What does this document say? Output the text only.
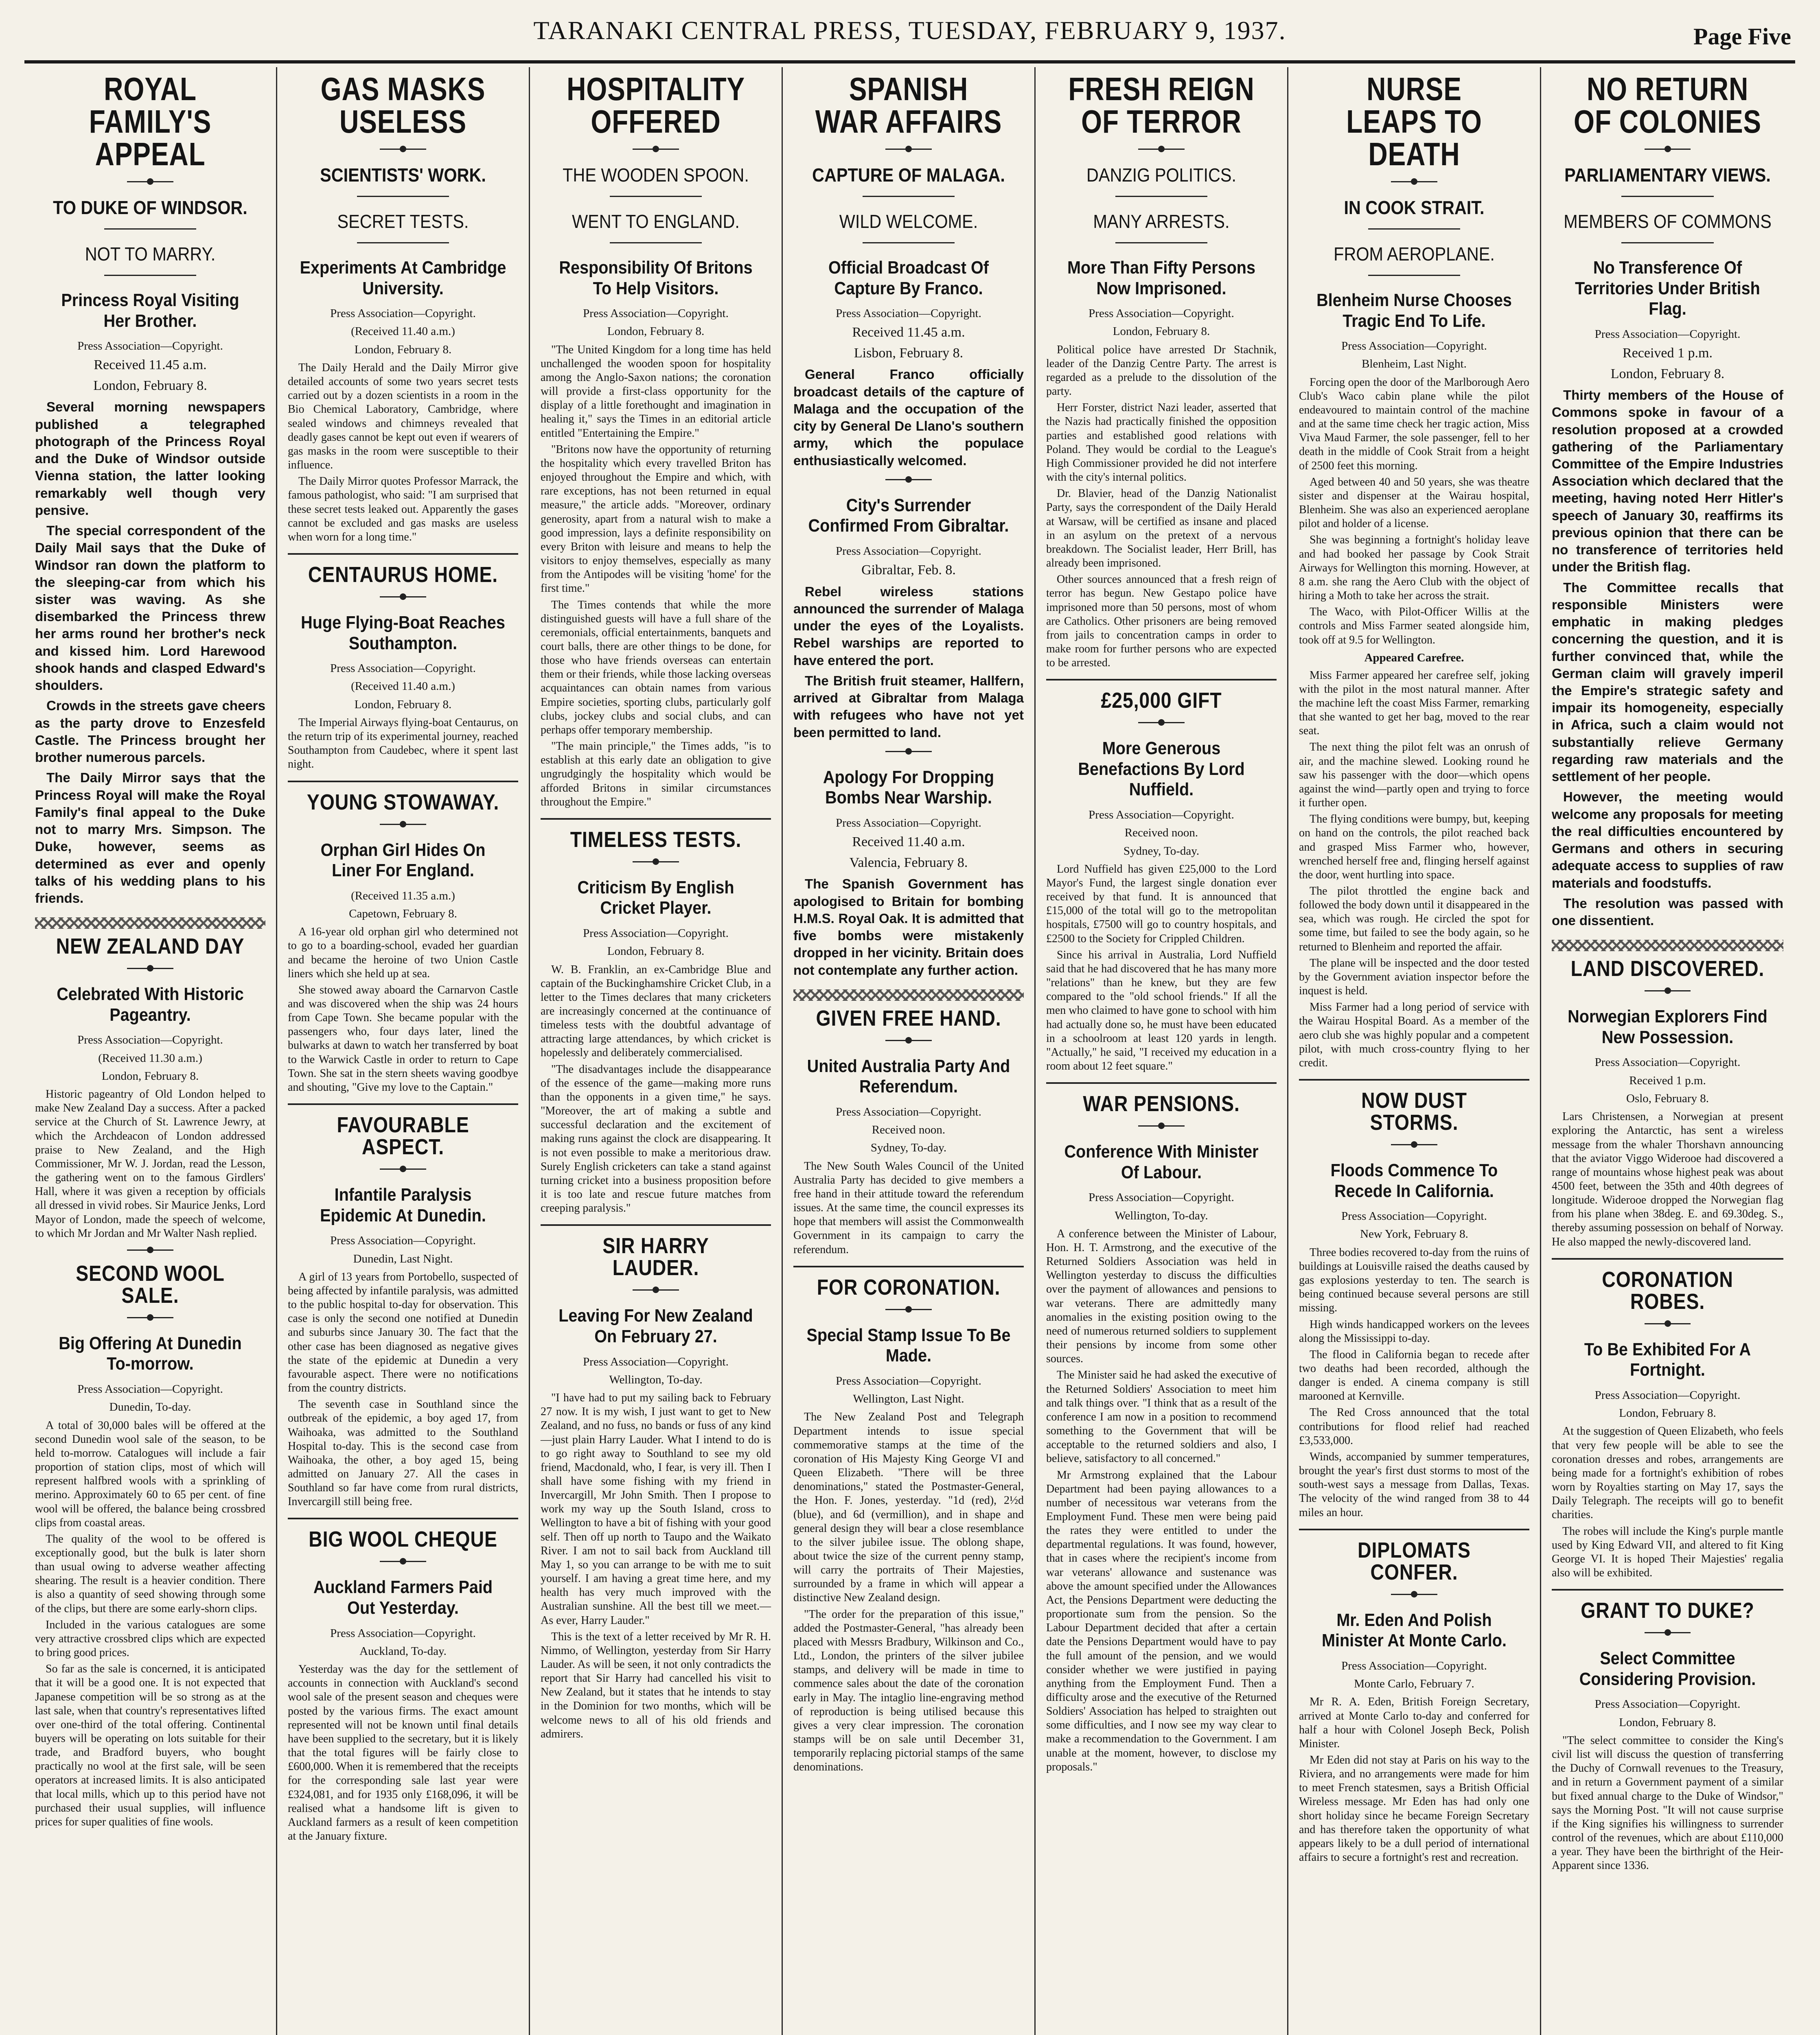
TARANAKI CENTRAL PRESS, TUESDAY, FEBRUARY 9, 1937.	Page Five
ROYAL FAMILY'S APPEAL
TO DUKE OF WINDSOR.
NOT TO MARRY.
Princess Royal Visiting Her Brother.
Press Association—Copyright.
Received 11.45 a.m.
London, February 8.
Several morning newspapers published a telegraphed photograph of the Princess Royal and the Duke of Windsor outside Vienna station, the latter looking remarkably well though very pensive.
The special correspondent of the Daily Mail says that the Duke of Windsor ran down the platform to the sleeping-car from which his sister was waving. As she disembarked the Princess threw her arms round her brother's neck and kissed him. Lord Harewood shook hands and clasped Edward's shoulders.
Crowds in the streets gave cheers as the party drove to Enzesfeld Castle. The Princess brought her brother numerous parcels.
The Daily Mirror says that the Princess Royal will make the Royal Family's final appeal to the Duke not to marry Mrs. Simpson. The Duke, however, seems as determined as ever and openly talks of his wedding plans to his friends.
NEW ZEALAND DAY
Celebrated With Historic Pageantry.
Press Association—Copyright.
(Received 11.30 a.m.)
London, February 8.
Historic pageantry of Old London helped to make New Zealand Day a success. After a packed service at the Church of St. Lawrence Jewry, at which the Archdeacon of London addressed praise to New Zealand, and the High Commissioner, Mr W. J. Jordan, read the Lesson, the gathering went on to the famous Girdlers' Hall, where it was given a reception by officials all dressed in vivid robes. Sir Maurice Jenks, Lord Mayor of London, made the speech of welcome, to which Mr Jordan and Mr Walter Nash replied.
SECOND WOOL SALE.
Big Offering At Dunedin To-morrow.
Press Association—Copyright.
Dunedin, To-day.
A total of 30,000 bales will be offered at the second Dunedin wool sale of the season, to be held to-morrow. Catalogues will include a fair proportion of station clips, most of which will represent halfbred wools with a sprinkling of merino. Approximately 60 to 65 per cent. of fine wool will be offered, the balance being crossbred clips from coastal areas.
The quality of the wool to be offered is exceptionally good, but the bulk is later shorn than usual owing to adverse weather affecting shearing. The result is a heavier condition. There is also a quantity of seed showing through some of the clips, but there are some early-shorn clips.
Included in the various catalogues are some very attractive crossbred clips which are expected to bring good prices.
So far as the sale is concerned, it is anticipated that it will be a good one. It is not expected that Japanese competition will be so strong as at the last sale, when that country's representatives lifted over one-third of the total offering. Continental buyers will be operating on lots suitable for their trade, and Bradford buyers, who bought practically no wool at the first sale, will be seen operators at increased limits. It is also anticipated that local mills, which up to this period have not purchased their usual supplies, will influence prices for super qualities of fine wools.
GAS MASKS USELESS
SCIENTISTS' WORK.
SECRET TESTS.
Experiments At Cambridge University.
Press Association—Copyright.
(Received 11.40 a.m.)
London, February 8.
The Daily Herald and the Daily Mirror give detailed accounts of some two years secret tests carried out by a dozen scientists in a room in the Bio Chemical Laboratory, Cambridge, where sealed windows and chimneys revealed that deadly gases cannot be kept out even if wearers of gas masks in the room were susceptible to their influence.
The Daily Mirror quotes Professor Marrack, the famous pathologist, who said: "I am surprised that these secret tests leaked out. Apparently the gases cannot be excluded and gas masks are useless when worn for a long time."
CENTAURUS HOME.
Huge Flying-Boat Reaches Southampton.
Press Association—Copyright.
(Received 11.40 a.m.)
London, February 8.
The Imperial Airways flying-boat Centaurus, on the return trip of its experimental journey, reached Southampton from Caudebec, where it spent last night.
YOUNG STOWAWAY.
Orphan Girl Hides On Liner For England.
(Received 11.35 a.m.)
Capetown, February 8.
A 16-year old orphan girl who determined not to go to a boarding-school, evaded her guardian and became the heroine of two Union Castle liners which she held up at sea.
She stowed away aboard the Carnarvon Castle and was discovered when the ship was 24 hours from Cape Town. She became popular with the passengers who, four days later, lined the bulwarks at dawn to watch her transferred by boat to the Warwick Castle in order to return to Cape Town. She sat in the stern sheets waving goodbye and shouting, "Give my love to the Captain."
FAVOURABLE ASPECT.
Infantile Paralysis Epidemic At Dunedin.
Press Association—Copyright.
Dunedin, Last Night.
A girl of 13 years from Portobello, suspected of being affected by infantile paralysis, was admitted to the public hospital to-day for observation. This case is only the second one notified at Dunedin and suburbs since January 30. The fact that the other case has been diagnosed as negative gives the state of the epidemic at Dunedin a very favourable aspect. There were no notifications from the country districts.
The seventh case in Southland since the outbreak of the epidemic, a boy aged 17, from Waihoaka, was admitted to the Southland Hospital to-day. This is the second case from Waihoaka, the other, a boy aged 15, being admitted on January 27. All the cases in Southland so far have come from rural districts, Invercargill still being free.
BIG WOOL CHEQUE
Auckland Farmers Paid Out Yesterday.
Press Association—Copyright.
Auckland, To-day.
Yesterday was the day for the settlement of accounts in connection with Auckland's second wool sale of the present season and cheques were posted by the various firms. The exact amount represented will not be known until final details have been supplied to the secretary, but it is likely that the total figures will be fairly close to £600,000. When it is remembered that the receipts for the corresponding sale last year were £324,081, and for 1935 only £168,096, it will be realised what a handsome lift is given to Auckland farmers as a result of keen competition at the January fixture.
HOSPITALITY OFFERED
THE WOODEN SPOON.
WENT TO ENGLAND.
Responsibility Of Britons To Help Visitors.
Press Association—Copyright.
London, February 8.
"The United Kingdom for a long time has held unchallenged the wooden spoon for hospitality among the Anglo-Saxon nations; the coronation will provide a first-class opportunity for the display of a little forethought and imagination in healing it," says the Times in an editorial article entitled "Entertaining the Empire."
"Britons now have the opportunity of returning the hospitality which every travelled Briton has enjoyed throughout the Empire and which, with rare exceptions, has not been returned in equal measure," the article adds. "Moreover, ordinary generosity, apart from a natural wish to make a good impression, lays a definite responsibility on every Briton with leisure and means to help the visitors to enjoy themselves, especially as many from the Antipodes will be visiting 'home' for the first time."
The Times contends that while the more distinguished guests will have a full share of the ceremonials, official entertainments, banquets and court balls, there are other things to be done, for those who have friends overseas can entertain them or their friends, while those lacking overseas acquaintances can obtain names from various Empire societies, sporting clubs, particularly golf clubs, jockey clubs and social clubs, and can perhaps offer temporary membership.
"The main principle," the Times adds, "is to establish at this early date an obligation to give ungrudgingly the hospitality which would be afforded Britons in similar circumstances throughout the Empire."
TIMELESS TESTS.
Criticism By English Cricket Player.
Press Association—Copyright.
London, February 8.
W. B. Franklin, an ex-Cambridge Blue and captain of the Buckinghamshire Cricket Club, in a letter to the Times declares that many cricketers are increasingly concerned at the continuance of timeless tests with the doubtful advantage of attracting large attendances, by which cricket is hopelessly and deliberately commercialised.
"The disadvantages include the disappearance of the essence of the game—making more runs than the opponents in a given time," he says. "Moreover, the art of making a subtle and successful declaration and the excitement of making runs against the clock are disappearing. It is not even possible to make a meritorious draw. Surely English cricketers can take a stand against turning cricket into a business proposition before it is too late and rescue future matches from creeping paralysis."
SIR HARRY LAUDER.
Leaving For New Zealand On February 27.
Press Association—Copyright.
Wellington, To-day.
"I have had to put my sailing back to February 27 now. It is my wish, I just want to get to New Zealand, and no fuss, no bands or fuss of any kind—just plain Harry Lauder. What I intend to do is to go right away to Southland to see my old friend, Macdonald, who, I fear, is very ill. Then I shall have some fishing with my friend in Invercargill, Mr John Smith. Then I propose to work my way up the South Island, cross to Wellington to have a bit of fishing with your good self. Then off up north to Taupo and the Waikato River. I am not to sail back from Auckland till May 1, so you can arrange to be with me to suit yourself. I am having a great time here, and my health has very much improved with the Australian sunshine. All the best till we meet.—As ever, Harry Lauder."
This is the text of a letter received by Mr R. H. Nimmo, of Wellington, yesterday from Sir Harry Lauder. As will be seen, it not only contradicts the report that Sir Harry had cancelled his visit to New Zealand, but it states that he intends to stay in the Dominion for two months, which will be welcome news to all of his old friends and admirers.
SPANISH WAR AFFAIRS
CAPTURE OF MALAGA.
WILD WELCOME.
Official Broadcast Of Capture By Franco.
Press Association—Copyright.
Received 11.45 a.m.
Lisbon, February 8.
General Franco officially broadcast details of the capture of Malaga and the occupation of the city by General De Llano's southern army, which the populace enthusiastically welcomed.
City's Surrender Confirmed From Gibraltar.
Press Association—Copyright.
Gibraltar, Feb. 8.
Rebel wireless stations announced the surrender of Malaga under the eyes of the Loyalists. Rebel warships are reported to have entered the port.
The British fruit steamer, Hallfern, arrived at Gibraltar from Malaga with refugees who have not yet been permitted to land.
Apology For Dropping Bombs Near Warship.
Press Association—Copyright.
Received 11.40 a.m.
Valencia, February 8.
The Spanish Government has apologised to Britain for bombing H.M.S. Royal Oak. It is admitted that five bombs were mistakenly dropped in her vicinity. Britain does not contemplate any further action.
GIVEN FREE HAND.
United Australia Party And Referendum.
Press Association—Copyright.
Received noon.
Sydney, To-day.
The New South Wales Council of the United Australia Party has decided to give members a free hand in their attitude toward the referendum issues. At the same time, the council expresses its hope that members will assist the Commonwealth Government in its campaign to carry the referendum.
FOR CORONATION.
Special Stamp Issue To Be Made.
Press Association—Copyright.
Wellington, Last Night.
The New Zealand Post and Telegraph Department intends to issue special commemorative stamps at the time of the coronation of His Majesty King George VI and Queen Elizabeth. "There will be three denominations," stated the Postmaster-General, the Hon. F. Jones, yesterday. "1d (red), 2½d (blue), and 6d (vermillion), and in shape and general design they will bear a close resemblance to the silver jubilee issue. The oblong shape, about twice the size of the current penny stamp, will carry the portraits of Their Majesties, surrounded by a frame in which will appear a distinctive New Zealand design.
"The order for the preparation of this issue," added the Postmaster-General, "has already been placed with Messrs Bradbury, Wilkinson and Co., Ltd., London, the printers of the silver jubilee stamps, and delivery will be made in time to commence sales about the date of the coronation early in May. The intaglio line-engraving method of reproduction is being utilised because this gives a very clear impression. The coronation stamps will be on sale until December 31, temporarily replacing pictorial stamps of the same denominations.
FRESH REIGN OF TERROR
DANZIG POLITICS.
MANY ARRESTS.
More Than Fifty Persons Now Imprisoned.
Press Association—Copyright.
London, February 8.
Political police have arrested Dr Stachnik, leader of the Danzig Centre Party. The arrest is regarded as a prelude to the dissolution of the party.
Herr Forster, district Nazi leader, asserted that the Nazis had practically finished the opposition parties and established good relations with Poland. They would be cordial to the League's High Commissioner provided he did not interfere with the city's internal politics.
Dr. Blavier, head of the Danzig Nationalist Party, says the correspondent of the Daily Herald at Warsaw, will be certified as insane and placed in an asylum on the pretext of a nervous breakdown. The Socialist leader, Herr Brill, has already been imprisoned.
Other sources announced that a fresh reign of terror has begun. New Gestapo police have imprisoned more than 50 persons, most of whom are Catholics. Other prisoners are being removed from jails to concentration camps in order to make room for further persons who are expected to be arrested.
£25,000 GIFT
More Generous Benefactions By Lord Nuffield.
Press Association—Copyright.
Received noon.
Sydney, To-day.
Lord Nuffield has given £25,000 to the Lord Mayor's Fund, the largest single donation ever received by that fund. It is announced that £15,000 of the total will go to the metropolitan hospitals, £7500 will go to country hospitals, and £2500 to the Society for Crippled Children.
Since his arrival in Australia, Lord Nuffield said that he had discovered that he has many more "relations" than he knew, but they are few compared to the "old school friends." If all the men who claimed to have gone to school with him had actually done so, he must have been educated in a schoolroom at least 120 yards in length. "Actually," he said, "I received my education in a room about 12 feet square."
WAR PENSIONS.
Conference With Minister Of Labour.
Press Association—Copyright.
Wellington, To-day.
A conference between the Minister of Labour, Hon. H. T. Armstrong, and the executive of the Returned Soldiers Association was held in Wellington yesterday to discuss the difficulties over the payment of allowances and pensions to war veterans. There are admittedly many anomalies in the existing position owing to the need of numerous returned soldiers to supplement their pensions by income from some other sources.
The Minister said he had asked the executive of the Returned Soldiers' Association to meet him and talk things over. "I think that as a result of the conference I am now in a position to recommend something to the Government that will be acceptable to the returned soldiers and also, I believe, satisfactory to all concerned."
Mr Armstrong explained that the Labour Department had been paying allowances to a number of necessitous war veterans from the Employment Fund. These men were being paid the rates they were entitled to under the departmental regulations. It was found, however, that in cases where the recipient's income from war veterans' allowance and sustenance was above the amount specified under the Allowances Act, the Pensions Department were deducting the proportionate sum from the pension. So the Labour Department decided that after a certain date the Pensions Department would have to pay the full amount of the pension, and we would consider whether we were justified in paying anything from the Employment Fund. Then a difficulty arose and the executive of the Returned Soldiers' Association has helped to straighten out some difficulties, and I now see my way clear to make a recommendation to the Government. I am unable at the moment, however, to disclose my proposals."
NURSE LEAPS TO DEATH
IN COOK STRAIT.
FROM AEROPLANE.
Blenheim Nurse Chooses Tragic End To Life.
Press Association—Copyright.
Blenheim, Last Night.
Forcing open the door of the Marlborough Aero Club's Waco cabin plane while the pilot endeavoured to maintain control of the machine and at the same time check her tragic action, Miss Viva Maud Farmer, the sole passenger, fell to her death in the middle of Cook Strait from a height of 2500 feet this morning.
Aged between 40 and 50 years, she was theatre sister and dispenser at the Wairau hospital, Blenheim. She was also an experienced aeroplane pilot and holder of a license.
She was beginning a fortnight's holiday leave and had booked her passage by Cook Strait Airways for Wellington this morning. However, at 8 a.m. she rang the Aero Club with the object of hiring a Moth to take her across the strait.
The Waco, with Pilot-Officer Willis at the controls and Miss Farmer seated alongside him, took off at 9.5 for Wellington.
Appeared Carefree.
Miss Farmer appeared her carefree self, joking with the pilot in the most natural manner. After the machine left the coast Miss Farmer, remarking that she wanted to get her bag, moved to the rear seat.
The next thing the pilot felt was an onrush of air, and the machine slewed. Looking round he saw his passenger with the door—which opens against the wind—partly open and trying to force it further open.
The flying conditions were bumpy, but, keeping on hand on the controls, the pilot reached back and grasped Miss Farmer who, however, wrenched herself free and, flinging herself against the door, went hurtling into space.
The pilot throttled the engine back and followed the body down until it disappeared in the sea, which was rough. He circled the spot for some time, but failed to see the body again, so he returned to Blenheim and reported the affair.
The plane will be inspected and the door tested by the Government aviation inspector before the inquest is held.
Miss Farmer had a long period of service with the Wairau Hospital Board. As a member of the aero club she was highly popular and a competent pilot, with much cross-country flying to her credit.
NOW DUST STORMS.
Floods Commence To Recede In California.
Press Association—Copyright.
New York, February 8.
Three bodies recovered to-day from the ruins of buildings at Louisville raised the deaths caused by gas explosions yesterday to ten. The search is being continued because several persons are still missing.
High winds handicapped workers on the levees along the Mississippi to-day.
The flood in California began to recede after two deaths had been recorded, although the danger is ended. A cinema company is still marooned at Kernville.
The Red Cross announced that the total contributions for flood relief had reached £3,533,000.
Winds, accompanied by summer temperatures, brought the year's first dust storms to most of the south-west says a message from Dallas, Texas. The velocity of the wind ranged from 38 to 44 miles an hour.
DIPLOMATS CONFER.
Mr. Eden And Polish Minister At Monte Carlo.
Press Association—Copyright.
Monte Carlo, February 7.
Mr R. A. Eden, British Foreign Secretary, arrived at Monte Carlo to-day and conferred for half a hour with Colonel Joseph Beck, Polish Minister.
Mr Eden did not stay at Paris on his way to the Riviera, and no arrangements were made for him to meet French statesmen, says a British Official Wireless message. Mr Eden has had only one short holiday since he became Foreign Secretary and has therefore taken the opportunity of what appears likely to be a dull period of international affairs to secure a fortnight's rest and recreation.
NO RETURN OF COLONIES
PARLIAMENTARY VIEWS.
MEMBERS OF COMMONS
No Transference Of Territories Under British Flag.
Press Association—Copyright.
Received 1 p.m.
London, February 8.
Thirty members of the House of Commons spoke in favour of a resolution proposed at a crowded gathering of the Parliamentary Committee of the Empire Industries Association which declared that the meeting, having noted Herr Hitler's speech of January 30, reaffirms its previous opinion that there can be no transference of territories held under the British flag.
The Committee recalls that responsible Ministers were emphatic in making pledges concerning the question, and it is further convinced that, while the German claim will gravely imperil the Empire's strategic safety and impair its homogeneity, especially in Africa, such a claim would not substantially relieve Germany regarding raw materials and the settlement of her people.
However, the meeting would welcome any proposals for meeting the real difficulties encountered by Germans and others in securing adequate access to supplies of raw materials and foodstuffs.
The resolution was passed with one dissentient.
LAND DISCOVERED.
Norwegian Explorers Find New Possession.
Press Association—Copyright.
Received 1 p.m.
Oslo, February 8.
Lars Christensen, a Norwegian at present exploring the Antarctic, has sent a wireless message from the whaler Thorshavn announcing that the aviator Viggo Widerooe had discovered a range of mountains whose highest peak was about 4500 feet, between the 35th and 40th degrees of longitude. Widerooe dropped the Norwegian flag from his plane when 38deg. E. and 69.30deg. S., thereby assuming possession on behalf of Norway. He also mapped the newly-discovered land.
CORONATION ROBES.
To Be Exhibited For A Fortnight.
Press Association—Copyright.
London, February 8.
At the suggestion of Queen Elizabeth, who feels that very few people will be able to see the coronation dresses and robes, arrangements are being made for a fortnight's exhibition of robes worn by Royalties starting on May 17, says the Daily Telegraph. The receipts will go to benefit charities.
The robes will include the King's purple mantle used by King Edward VII, and altered to fit King George VI. It is hoped Their Majesties' regalia also will be exhibited.
GRANT TO DUKE?
Select Committee Considering Provision.
Press Association—Copyright.
London, February 8.
"The select committee to consider the King's civil list will discuss the question of transferring the Duchy of Cornwall revenues to the Treasury, and in return a Government payment of a similar but fixed annual charge to the Duke of Windsor," says the Morning Post. "It will not cause surprise if the King signifies his willingness to surrender control of the revenues, which are about £110,000 a year. They have been the birthright of the Heir-Apparent since 1336.
